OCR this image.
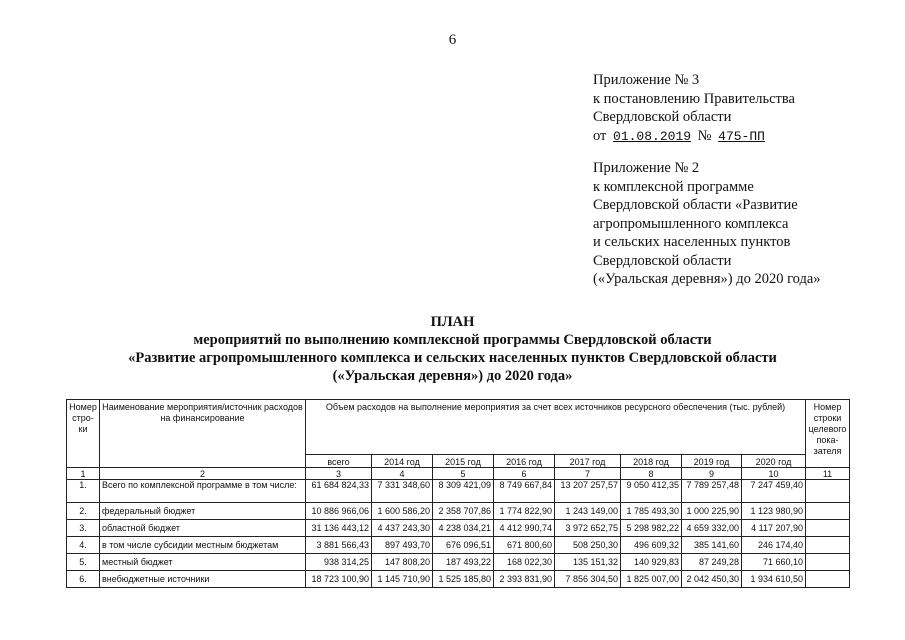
6
Приложение № 3
к постановлению Правительства
Свердловской области
от 01.08.2019 № 475-ПП
Приложение № 2
к комплексной программе
Свердловской области «Развитие
агропромышленного комплекса
и сельских населенных пунктов
Свердловской области
(«Уральская деревня») до 2020 года»
ПЛАН
мероприятий по выполнению комплексной программы Свердловской области
«Развитие агропромышленного комплекса и сельских населенных пунктов Свердловской области
(«Уральская деревня») до 2020 года»
Номер стро-ки	Наименование мероприятия/источник расходов на финансирование	Объем расходов на выполнение мероприятия за счет всех источников ресурсного обеспечения (тыс. рублей)								Номер строки целевого пока-зателя
		всего	2014 год	2015 год	2016 год	2017 год	2018 год	2019 год	2020 год	
1	2	3	4	5	6	7	8	9	10	11
1.	Всего по комплексной программе в том числе:	61 684 824,33	7 331 348,60	8 309 421,09	8 749 667,84	13 207 257,57	9 050 412,35	7 789 257,48	7 247 459,40	
2.	федеральный бюджет	10 886 966,06	1 600 586,20	2 358 707,86	1 774 822,90	1 243 149,00	1 785 493,30	1 000 225,90	1 123 980,90	
3.	областной бюджет	31 136 443,12	4 437 243,30	4 238 034,21	4 412 990,74	3 972 652,75	5 298 982,22	4 659 332,00	4 117 207,90	
4.	в том числе субсидии местным бюджетам	3 881 566,43	897 493,70	676 096,51	671 800,60	508 250,30	496 609,32	385 141,60	246 174,40	
5.	местный бюджет	938 314,25	147 808,20	187 493,22	168 022,30	135 151,32	140 929,83	87 249,28	71 660,10	
6.	внебюджетные источники	18 723 100,90	1 145 710,90	1 525 185,80	2 393 831,90	7 856 304,50	1 825 007,00	2 042 450,30	1 934 610,50	
